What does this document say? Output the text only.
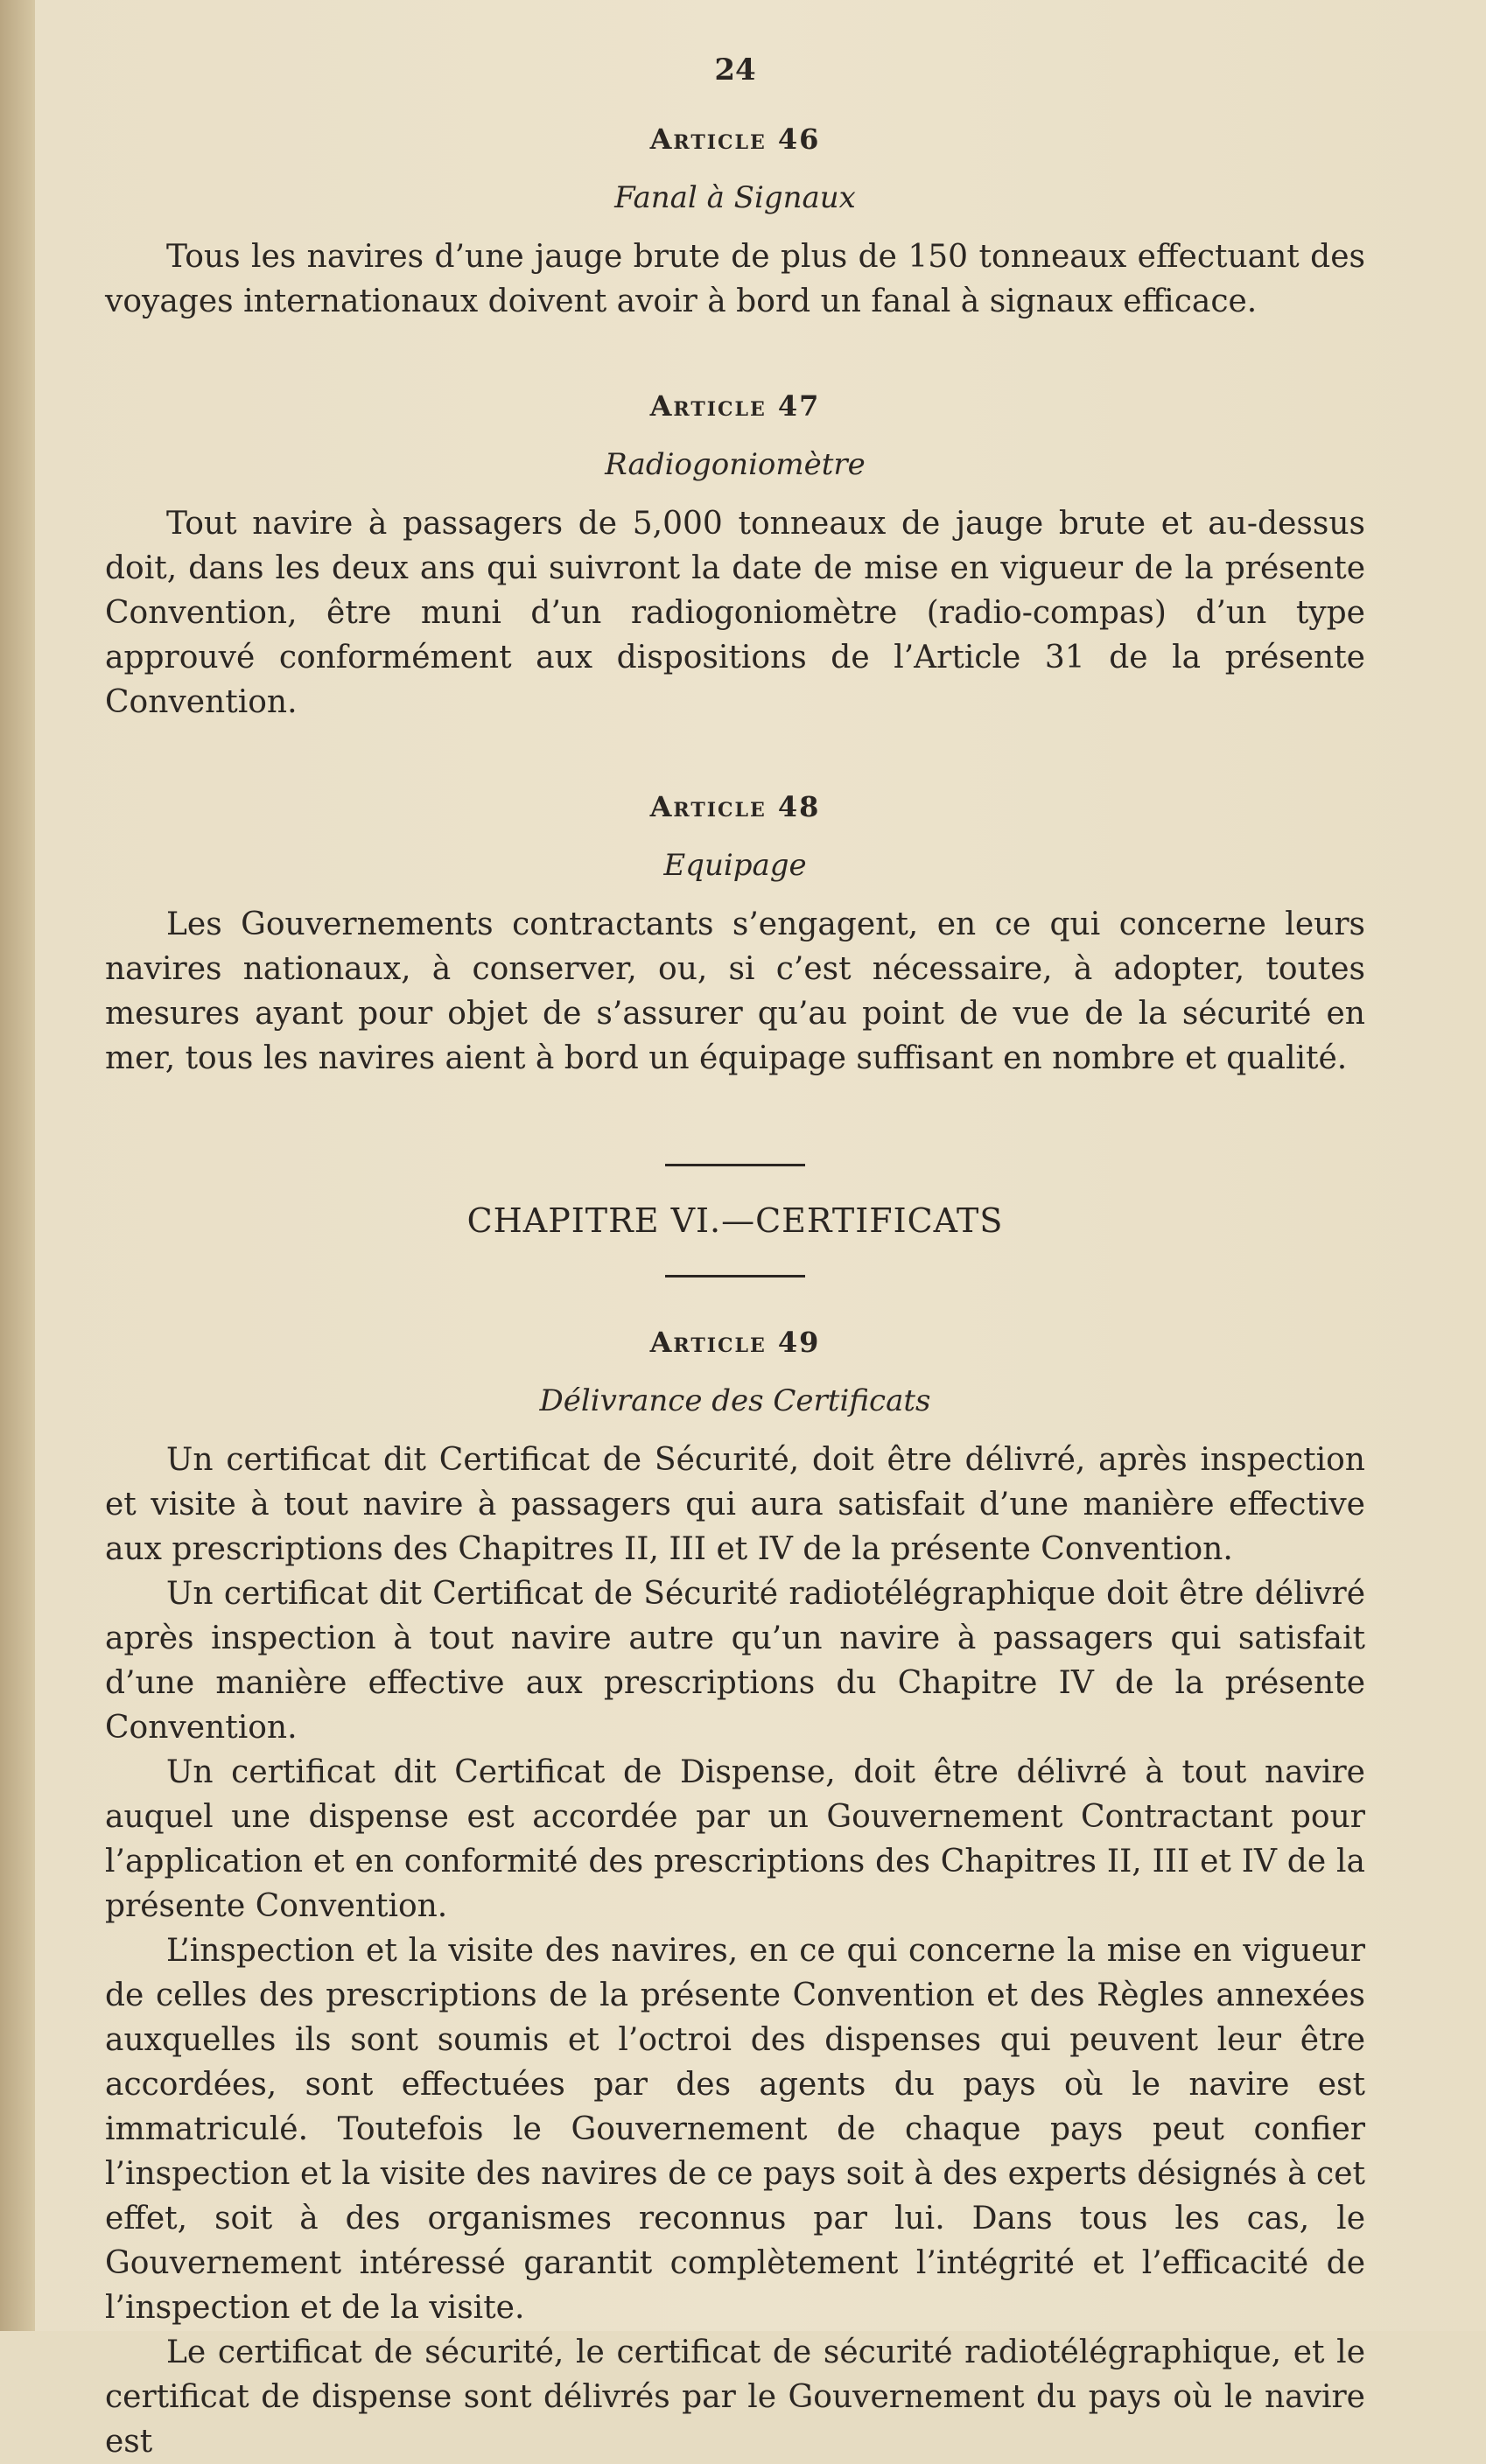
24
Article 46
Fanal à Signaux

Tous les navires d’une jauge brute de plus de 150 tonneaux effectuant des voyages internationaux doivent avoir à bord un fanal à signaux efficace.

Article 47
Radiogoniomètre

Tout navire à passagers de 5,000 tonneaux de jauge brute et au-dessus doit, dans les deux ans qui suivront la date de mise en vigueur de la présente Convention, être muni d’un radiogoniomètre (radio-compas) d’un type approuvé conformément aux dispositions de l’Article 31 de la présente Convention.

Article 48
Equipage

Les Gouvernements contractants s’engagent, en ce qui concerne leurs navires nationaux, à conserver, ou, si c’est nécessaire, à adopter, toutes mesures ayant pour objet de s’assurer qu’au point de vue de la sécurité en mer, tous les navires aient à bord un équipage suffisant en nombre et qualité.

CHAPITRE VI.—CERTIFICATS
Article 49
Délivrance des Certificats

Un certificat dit Certificat de Sécurité, doit être délivré, après inspection et visite à tout navire à passagers qui aura satisfait d’une manière effective aux prescriptions des Chapitres II, III et IV de la présente Convention.

Un certificat dit Certificat de Sécurité radiotélégraphique doit être délivré après inspection à tout navire autre qu’un navire à passagers qui satisfait d’une manière effective aux prescriptions du Chapitre IV de la présente Convention.

Un certificat dit Certificat de Dispense, doit être délivré à tout navire auquel une dispense est accordée par un Gouvernement Contractant pour l’application et en conformité des prescriptions des Chapitres II, III et IV de la présente Convention.

L’inspection et la visite des navires, en ce qui concerne la mise en vigueur de celles des prescriptions de la présente Convention et des Règles annexées auxquelles ils sont soumis et l’octroi des dispenses qui peuvent leur être accordées, sont effectuées par des agents du pays où le navire est immatriculé. Toutefois le Gouvernement de chaque pays peut confier l’inspection et la visite des navires de ce pays soit à des experts désignés à cet effet, soit à des organismes reconnus par lui. Dans tous les cas, le Gouvernement intéressé garantit complètement l’intégrité et l’efficacité de l’inspection et de la visite.

Le certificat de sécurité, le certificat de sécurité radiotélégraphique, et le certificat de dispense sont délivrés par le Gouvernement du pays où le navire est
